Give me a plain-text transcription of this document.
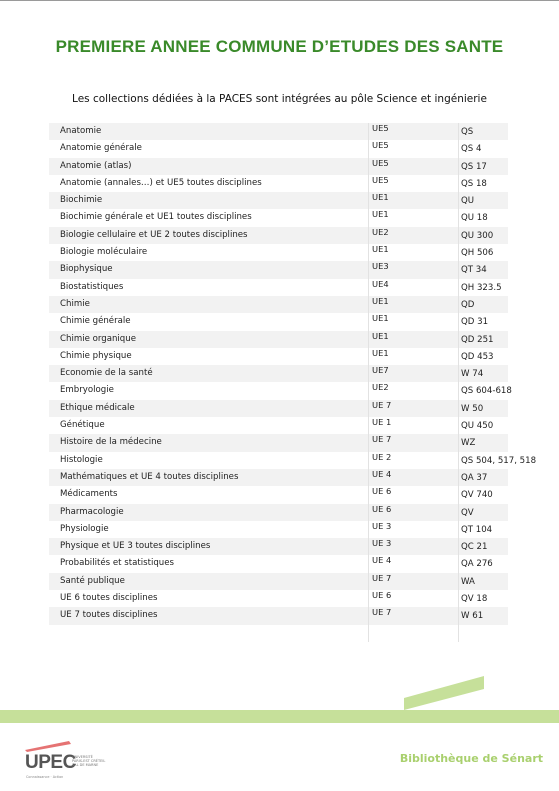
PREMIERE ANNEE COMMUNE D’ETUDES DES SANTE
Les collections dédiées à la PACES sont intégrées au pôle Science et ingénierie
Anatomie	UE5	QS
Anatomie générale	UE5	QS 4
Anatomie (atlas)	UE5	QS 17
Anatomie (annales…) et UE5 toutes disciplines	UE5	QS 18
Biochimie	UE1	QU
Biochimie générale et UE1 toutes disciplines	UE1	QU 18
Biologie cellulaire et UE 2 toutes disciplines	UE2	QU 300
Biologie moléculaire	UE1	QH 506
Biophysique	UE3	QT 34
Biostatistiques	UE4	QH 323.5
Chimie	UE1	QD
Chimie générale	UE1	QD 31
Chimie organique	UE1	QD 251
Chimie physique	UE1	QD 453
Economie de la santé	UE7	W 74
Embryologie	UE2	QS 604-618
Ethique médicale	UE 7	W 50
Génétique	UE 1	QU 450
Histoire de la médecine	UE 7	WZ
Histologie	UE 2	QS 504, 517, 518
Mathématiques et UE 4 toutes disciplines	UE 4	QA 37
Médicaments	UE 6	QV 740
Pharmacologie	UE 6	QV
Physiologie	UE 3	QT 104
Physique et UE 3 toutes disciplines	UE 3	QC 21
Probabilités et statistiques	UE 4	QA 276
Santé publique	UE 7	WA
UE 6 toutes disciplines	UE 6	QV 18
UE 7 toutes disciplines	UE 7	W 61

UPEC
UNIVERSITÉ
PARIS-EST CRÉTEIL
VAL DE MARNE
Connaissance · Action
Bibliothèque de Sénart
